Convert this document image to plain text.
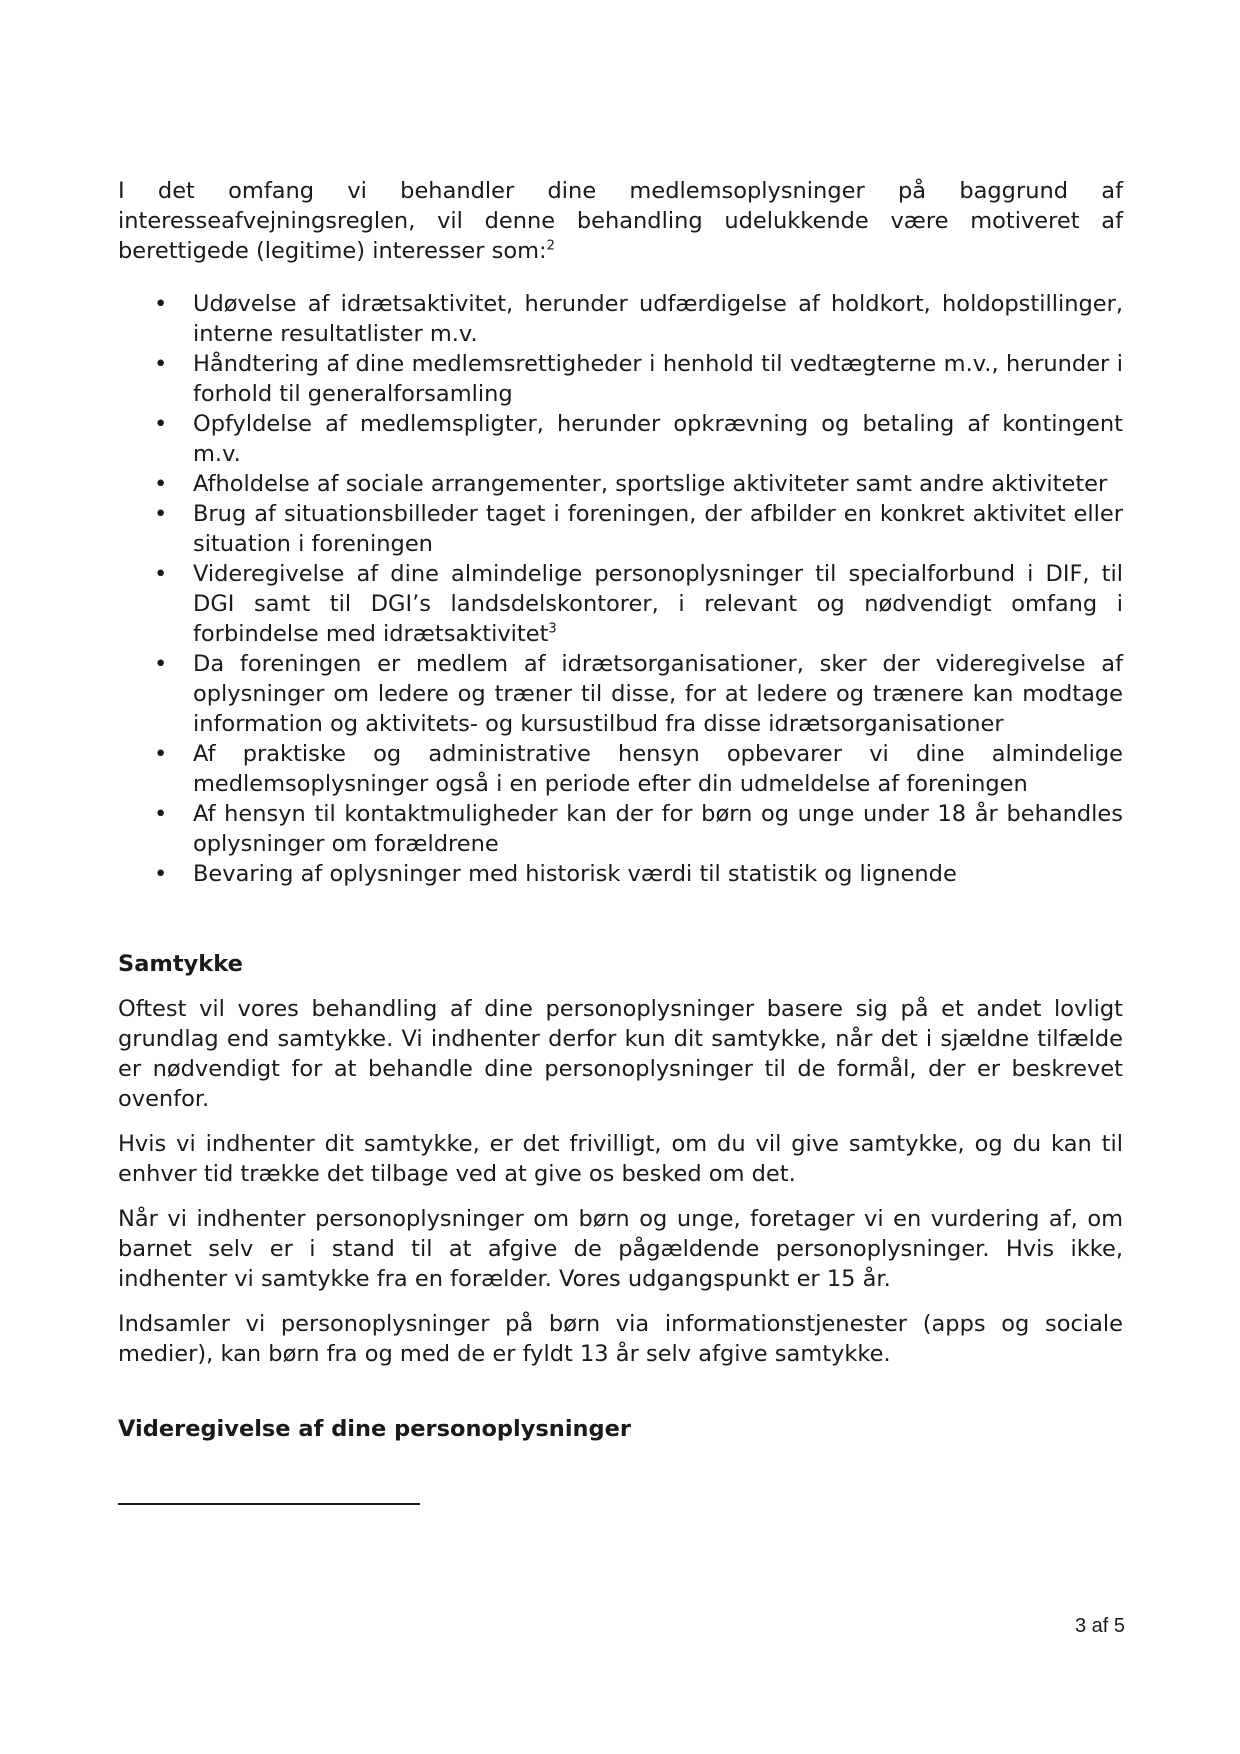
I det omfang vi behandler dine medlemsoplysninger på baggrund af interesseafvejningsreglen, vil denne behandling udelukkende være motiveret af berettigede (legitime) interesser som:$^2$

• Udøvelse af idrætsaktivitet, herunder udfærdigelse af holdkort, holdopstillinger, interne resultatlister m.v.
• Håndtering af dine medlemsrettigheder i henhold til vedtægterne m.v., herunder i forhold til generalforsamling
• Opfyldelse af medlemspligter, herunder opkrævning og betaling af kontingent m.v.
• Afholdelse af sociale arrangementer, sportslige aktiviteter samt andre aktiviteter
• Brug af situationsbilleder taget i foreningen, der afbilder en konkret aktivitet eller situation i foreningen
• Videregivelse af dine almindelige personoplysninger til specialforbund i DIF, til DGI samt til DGI’s landsdelskontorer, i relevant og nødvendigt omfang i forbindelse med idrætsaktivitet$^3$
• Da foreningen er medlem af idrætsorganisationer, sker der videregivelse af oplysninger om ledere og træner til disse, for at ledere og trænere kan modtage information og aktivitets- og kursustilbud fra disse idrætsorganisationer
• Af praktiske og administrative hensyn opbevarer vi dine almindelige medlemsoplysninger også i en periode efter din udmeldelse af foreningen
• Af hensyn til kontaktmuligheder kan der for børn og unge under 18 år behandles oplysninger om forældrene
• Bevaring af oplysninger med historisk værdi til statistik og lignende
Samtykke

Oftest vil vores behandling af dine personoplysninger basere sig på et andet lovligt grundlag end samtykke. Vi indhenter derfor kun dit samtykke, når det i sjældne tilfælde er nødvendigt for at behandle dine personoplysninger til de formål, der er beskrevet ovenfor.

Hvis vi indhenter dit samtykke, er det frivilligt, om du vil give samtykke, og du kan til enhver tid trække det tilbage ved at give os besked om det.

Når vi indhenter personoplysninger om børn og unge, foretager vi en vurdering af, om barnet selv er i stand til at afgive de pågældende personoplysninger. Hvis ikke, indhenter vi samtykke fra en forælder. Vores udgangspunkt er 15 år.

Indsamler vi personoplysninger på børn via informationstjenester (apps og sociale medier), kan børn fra og med de er fyldt 13 år selv afgive samtykke.

Videregivelse af dine personoplysninger
3 af 5
